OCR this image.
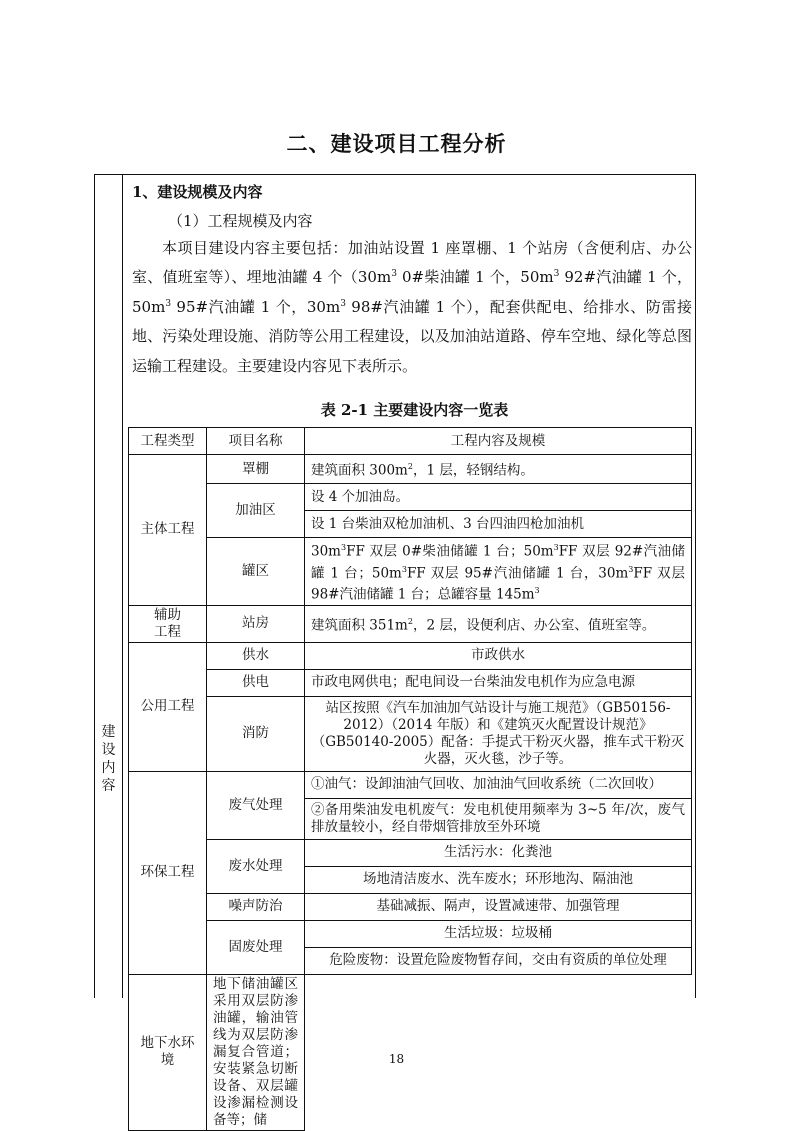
二、建设项目工程分析
建
设
内
容
1、建设规模及内容
（1）工程规模及内容

本项目建设内容主要包括：加油站设置 1 座罩棚、1 个站房（含便利店、办公室、值班室等）、埋地油罐 4 个（$30m^3$ 0#柴油罐 1 个，$50m^3$ 92#汽油罐 1 个，$50m^3$ 95#汽油罐 1 个，$30m^3$ 98#汽油罐 1 个），配套供配电、给排水、防雷接地、污染处理设施、消防等公用工程建设，以及加油站道路、停车空地、绿化等总图运输工程建设。主要建设内容见下表所示。

表 2-1 主要建设内容一览表
工程类型	项目名称	工程内容及规模
主体工程	罩棚	建筑面积 $300m^2$，1 层，轻钢结构。
	加油区	设 4 个加油岛。
		设 1 台柴油双枪加油机、3 台四油四枪加油机
	罐区	$30m^3FF$ 双层 0#柴油储罐 1 台；$50m^3FF$ 双层 92#汽油储罐 1 台；$50m^3FF$ 双层 95#汽油储罐 1 台，$30m^3FF$ 双层 98#汽油储罐 1 台；总罐容量 $145m^3$
辅助
工程	站房	建筑面积 $351m^2$，2 层，设便利店、办公室、值班室等。
公用工程	供水	市政供水
	供电	市政电网供电；配电间设一台柴油发电机作为应急电源
	消防	站区按照《汽车加油加气站设计与施工规范》（GB50156-2012）（2014 年版）和《建筑灭火配置设计规范》（GB50140-2005）配备：手提式干粉灭火器，推车式干粉灭火器，灭火毯，沙子等。
环保工程	废气处理	①油气：设卸油油气回收、加油油气回收系统（二次回收）
		②备用柴油发电机废气：发电机使用频率为 3~5 年/次，废气排放量较小，经自带烟管排放至外环境
	废水处理	生活污水：化粪池
		场地清洁废水、洗车废水；环形地沟、隔油池
	噪声防治	基础减振、隔声，设置减速带、加强管理
	固废处理	生活垃圾：垃圾桶
		危险废物：设置危险废物暂存间，交由有资质的单位处理
地下水环境	地下储油罐区采用双层防渗油罐，输油管线为双层防渗漏复合管道；安装紧急切断设备、双层罐设渗漏检测设备等；储	
18
